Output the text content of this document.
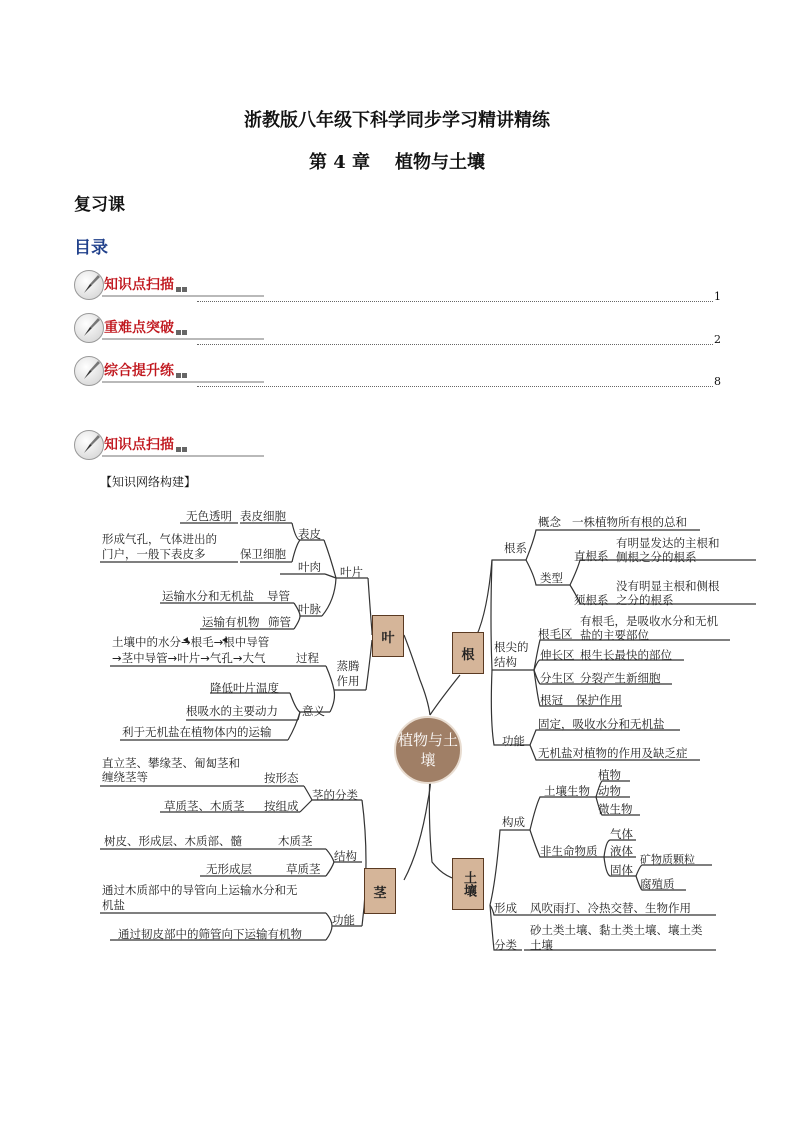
浙教版八年级下科学同步学习精讲精练
第 4 章    植物与土壤
复习课
目录
知识点扫描
1
重难点突破
2
综合提升练
8
知识点扫描
【知识网络构建】
植物与土壤
叶
茎
根
土壤
无色透明 表皮细胞
表皮
形成气孔，气体进出的
门户，一般下表皮多	保卫细胞
叶肉 叶片
运输水分和无机盐 导管
叶脉
运输有机物 筛管
土壤中的水分→根毛→根中导管
→茎中导管→叶片→气孔→大气	过程
蒸腾作用
降低叶片温度
根吸水的主要动力 意义
利于无机盐在植物体内的运输
直立茎、攀缘茎、匍匐茎和
缠绕茎等	按形态
茎的分类
草质茎、木质茎 按组成
树皮、形成层、木质部、髓	木质茎
结构
无形成层	草质茎
通过木质部中的导管向上运输水分和无
机盐
功能
通过韧皮部中的筛管向下运输有机物
根系
概念 一株植物所有根的总和
直根系
有明显发达的主根和
侧根之分的根系
类型
须根系
没有明显主根和侧根
之分的根系
根尖的结构
根毛区
有根毛，是吸收水分和无机
盐的主要部位
伸长区 根生长最快的部位
分生区 分裂产生新细胞
根冠 保护作用
功能
固定，吸收水分和无机盐
无机盐对植物的作用及缺乏症
植物
土壤生物 动物
微生物
构成
气体
非生命物质 液体
固体
矿物质颗粒
腐殖质
形成 风吹雨打、冷热交替、生物作用
分类
砂土类土壤、黏土类土壤、壤土类
土壤
